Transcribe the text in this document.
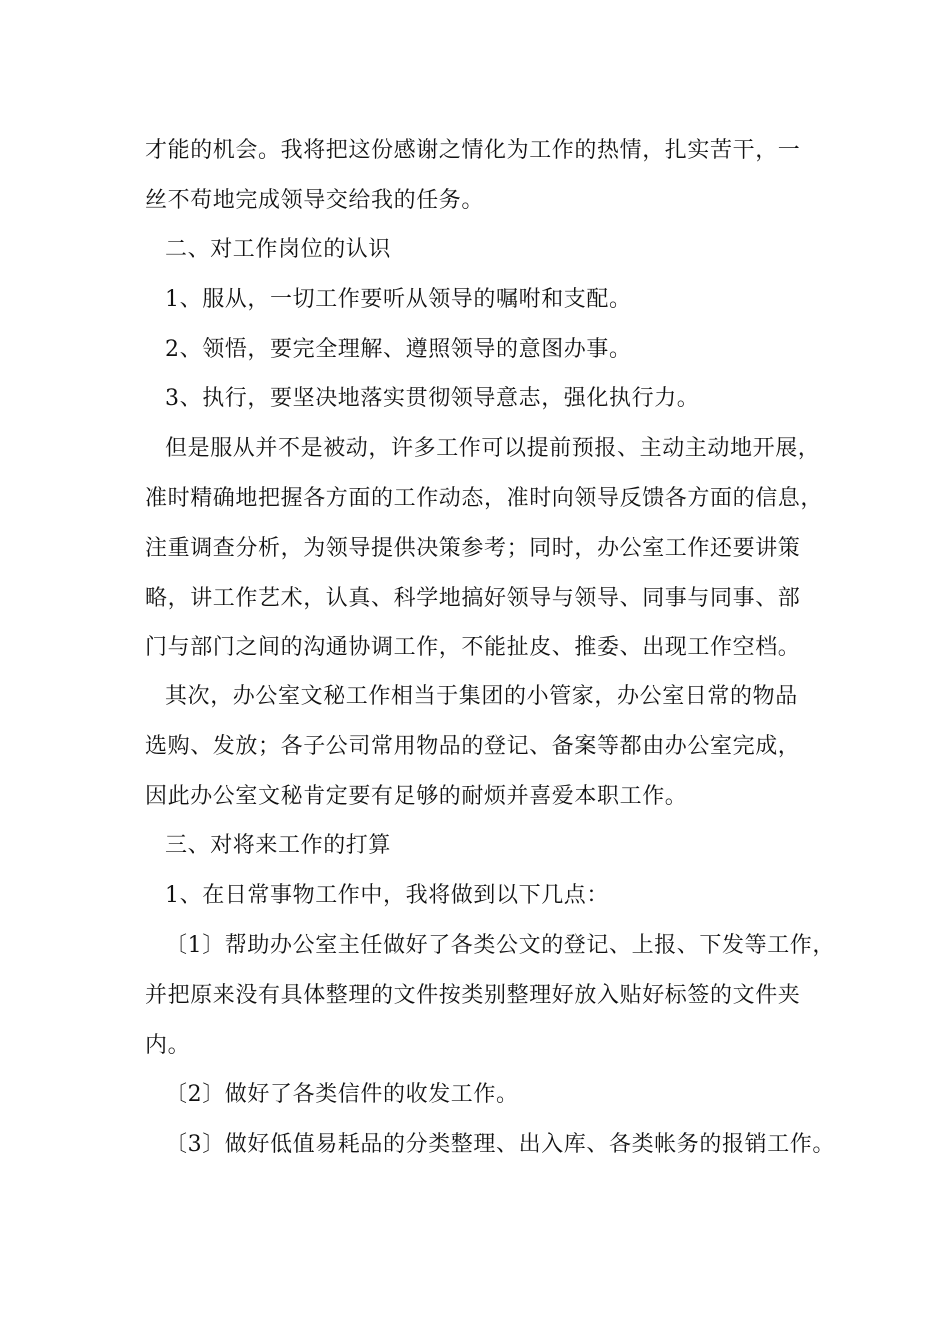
才能的机会。我将把这份感谢之情化为工作的热情，扎实苦干，一
丝不苟地完成领导交给我的任务。
二、对工作岗位的认识
1、服从，一切工作要听从领导的嘱咐和支配。
2、领悟，要完全理解、遵照领导的意图办事。
3、执行，要坚决地落实贯彻领导意志，强化执行力。
但是服从并不是被动，许多工作可以提前预报、主动主动地开展，
准时精确地把握各方面的工作动态，准时向领导反馈各方面的信息，
注重调查分析，为领导提供决策参考；同时，办公室工作还要讲策
略，讲工作艺术，认真、科学地搞好领导与领导、同事与同事、部
门与部门之间的沟通协调工作，不能扯皮、推委、出现工作空档。
其次，办公室文秘工作相当于集团的小管家，办公室日常的物品
选购、发放；各子公司常用物品的登记、备案等都由办公室完成，
因此办公室文秘肯定要有足够的耐烦并喜爱本职工作。
三、对将来工作的打算
1、在日常事物工作中，我将做到以下几点：
〔1〕帮助办公室主任做好了各类公文的登记、上报、下发等工作，
并把原来没有具体整理的文件按类别整理好放入贴好标签的文件夹
内。
〔2〕做好了各类信件的收发工作。
〔3〕做好低值易耗品的分类整理、出入库、各类帐务的报销工作。
